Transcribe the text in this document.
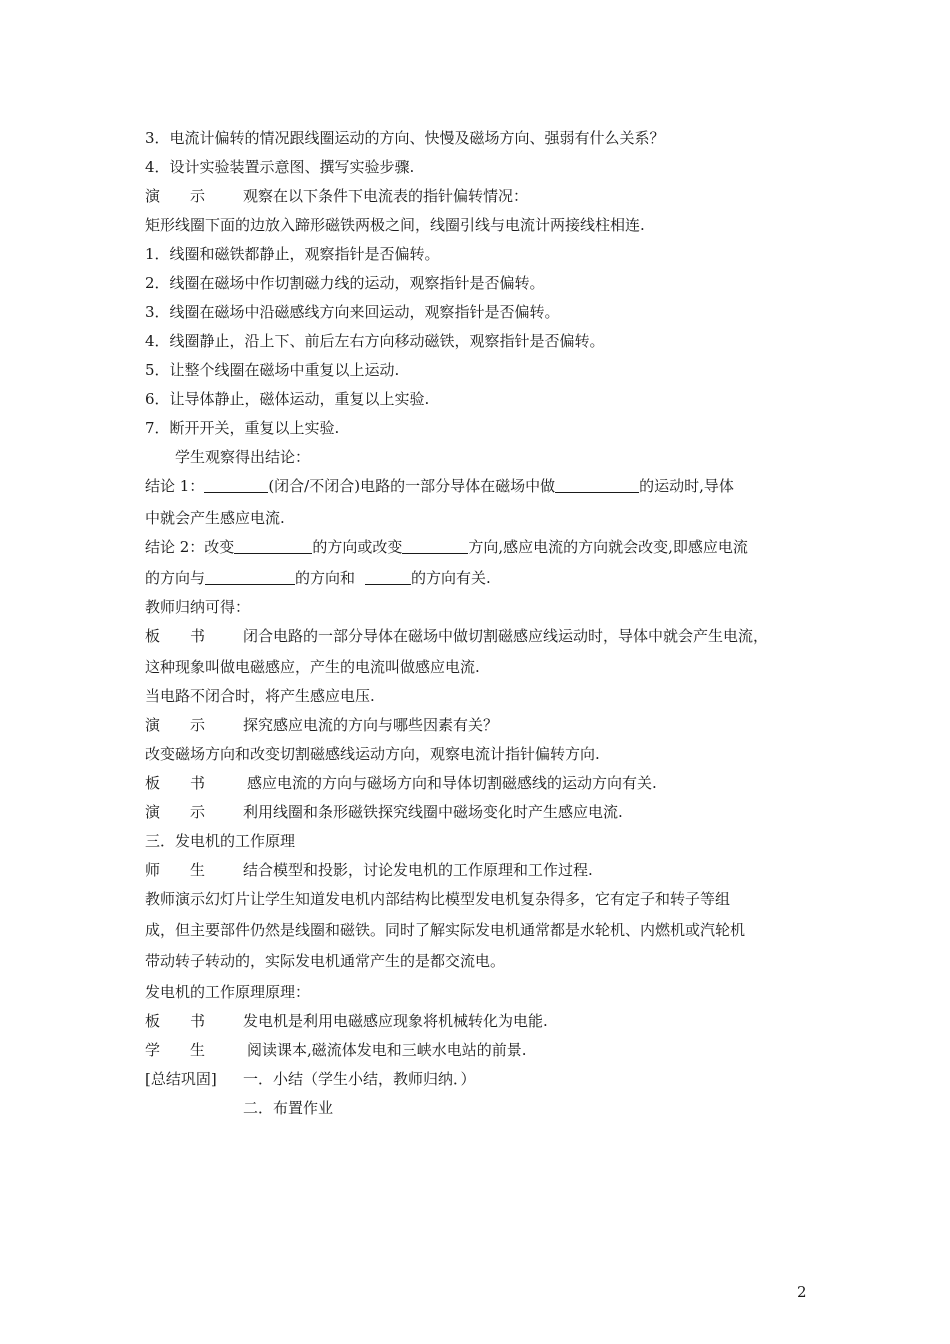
3．电流计偏转的情况跟线圈运动的方向、快慢及磁场方向、强弱有什么关系？
4．设计实验装置示意图、撰写实验步骤.
演　　示	观察在以下条件下电流表的指针偏转情况：
矩形线圈下面的边放入蹄形磁铁两极之间，线圈引线与电流计两接线柱相连.
1．线圈和磁铁都静止，观察指针是否偏转。
2．线圈在磁场中作切割磁力线的运动，观察指针是否偏转。
3．线圈在磁场中沿磁感线方向来回运动，观察指针是否偏转。
4．线圈静止，沿上下、前后左右方向移动磁铁，观察指针是否偏转。
5．让整个线圈在磁场中重复以上运动.
6．让导体静止，磁体运动，重复以上实验.
7．断开开关，重复以上实验.
学生观察得出结论：
结论 1：	(闭合/不闭合)电路的一部分导体在磁场中做	的运动时,导体
中就会产生感应电流.
结论 2：改变	的方向或改变	方向,感应电流的方向就会改变,即感应电流
的方向与	的方向和	的方向有关.
教师归纳可得：
板　　书	闭合电路的一部分导体在磁场中做切割磁感应线运动时，导体中就会产生电流，
这种现象叫做电磁感应，产生的电流叫做感应电流.
当电路不闭合时，将产生感应电压.
演　　示	探究感应电流的方向与哪些因素有关？
改变磁场方向和改变切割磁感线运动方向，观察电流计指针偏转方向.
板　　书	感应电流的方向与磁场方向和导体切割磁感线的运动方向有关.
演　　示	利用线圈和条形磁铁探究线圈中磁场变化时产生感应电流.
三．发电机的工作原理
师　　生	结合模型和投影，讨论发电机的工作原理和工作过程.
教师演示幻灯片让学生知道发电机内部结构比模型发电机复杂得多，它有定子和转子等组
成，但主要部件仍然是线圈和磁铁。同时了解实际发电机通常都是水轮机、内燃机或汽轮机
带动转子转动的，实际发电机通常产生的是都交流电。
发电机的工作原理原理：
板　　书	发电机是利用电磁感应现象将机械转化为电能.
学　　生	阅读课本,磁流体发电和三峡水电站的前景.
[总结巩固] 一．小结（学生小结，教师归纳．）
二．布置作业
2
